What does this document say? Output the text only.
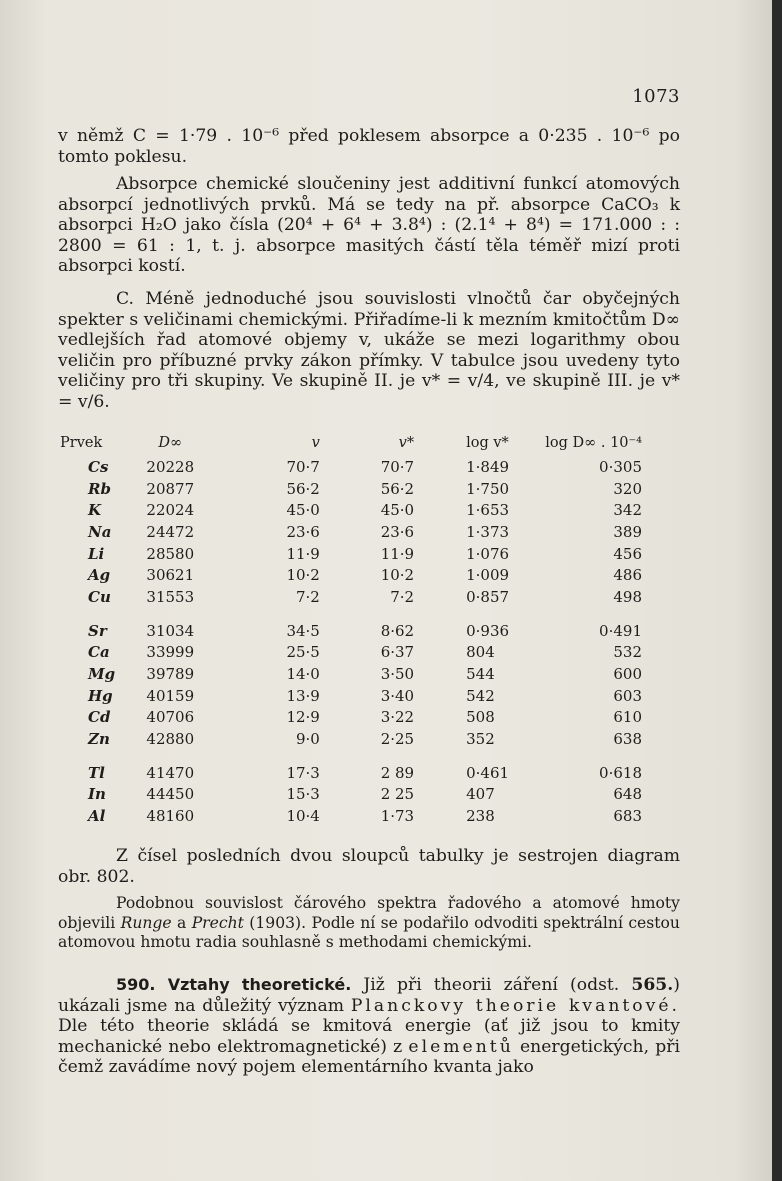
1073

v němž C = 1·79 . 10⁻⁶ před poklesem absorpce a 0·235 . 10⁻⁶ po tomto poklesu.

Absorpce chemické sloučeniny jest additivní funkcí atomových absorpcí jednotlivých prvků. Má se tedy na př. absorpce CaCO₃ k absorpci H₂O jako čísla (20⁴ + 6⁴ + 3.8⁴) : (2.1⁴ + 8⁴) = 171.000 : : 2800 = 61 : 1, t. j. absorpce masitých částí těla téměř mizí proti absorpci kostí.

C. Méně jednoduché jsou souvislosti vlnočtů čar obyčejných spekter s veličinami chemickými. Přiřadíme-li k mezním kmitočtům D∞ vedlejších řad atomové objemy v, ukáže se mezi logarithmy obou veličin pro příbuzné prvky zákon přímky. V tabulce jsou uvedeny tyto veličiny pro tři skupiny. Ve skupině II. je v* = v/4, ve skupině III. je v* = v/6.

Prvek	D∞	v	v*	log v*	log D∞ . 10⁻⁴
Cs	20228	70·7	70·7	1·849	0·305
Rb	20877	56·2	56·2	1·750	320
K	22024	45·0	45·0	1·653	342
Na	24472	23·6	23·6	1·373	389
Li	28580	11·9	11·9	1·076	456
Ag	30621	10·2	10·2	1·009	486
Cu	31553	7·2	7·2	0·857	498

Sr	31034	34·5	8·62	0·936	0·491
Ca	33999	25·5	6·37	804	532
Mg	39789	14·0	3·50	544	600
Hg	40159	13·9	3·40	542	603
Cd	40706	12·9	3·22	508	610
Zn	42880	9·0	2·25	352	638

Tl	41470	17·3	2 89	0·461	0·618
In	44450	15·3	2 25	407	648
Al	48160	10·4	1·73	238	683

Z čísel posledních dvou sloupců tabulky je sestrojen diagram obr. 802.

Podobnou souvislost čárového spektra řadového a atomové hmoty objevili Runge a Precht (1903). Podle ní se podařilo odvoditi spektrální cestou atomovou hmotu radia souhlasně s methodami chemickými.

590. Vztahy theoretické. Již při theorii záření (odst. 565.) ukázali jsme na důležitý význam Planckovy theorie kvantové. Dle této theorie skládá se kmitová energie (ať již jsou to kmity mechanické nebo elektromagnetické) z elementů energetických, při čemž zavádíme nový pojem elementárního kvanta jako
